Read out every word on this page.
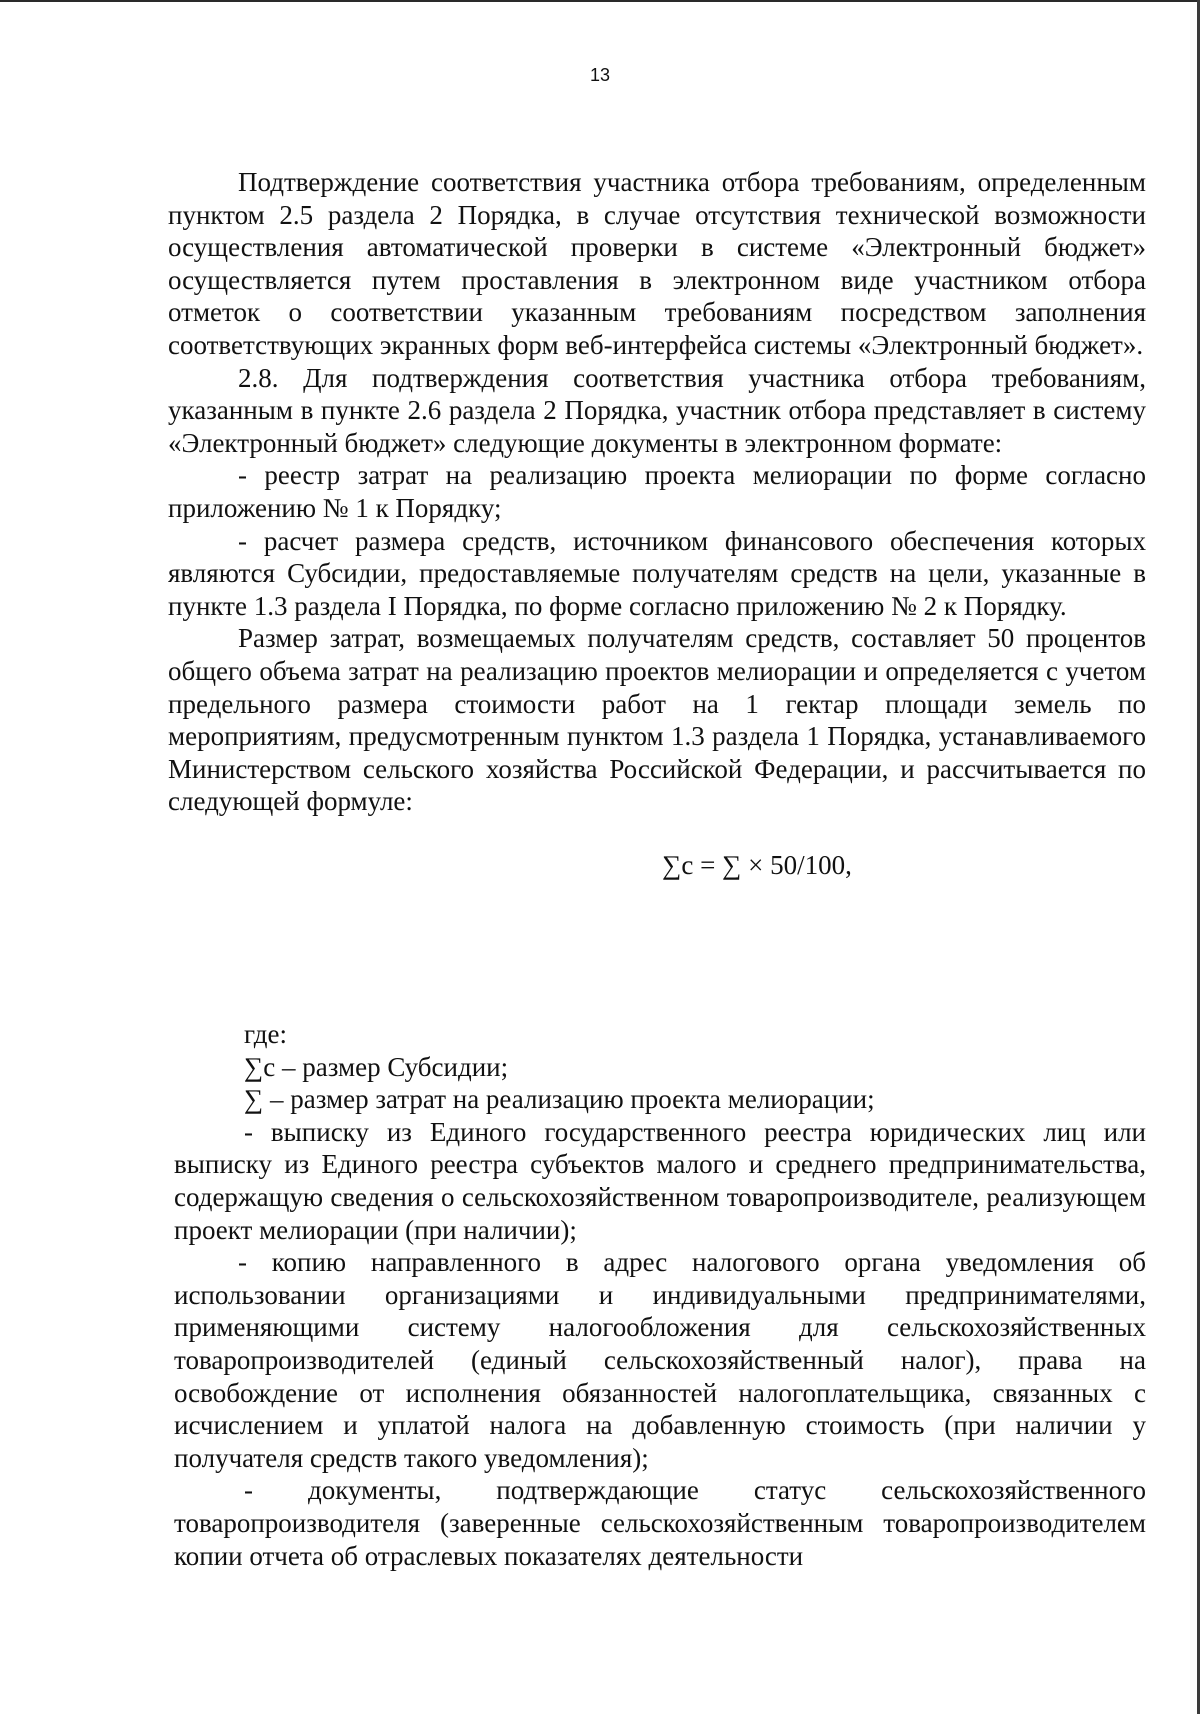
13

Подтверждение соответствия участника отбора требованиям, определенным пунктом 2.5 раздела 2 Порядка, в случае отсутствия технической возможности осуществления автоматической проверки в системе «Электронный бюджет» осуществляется путем проставления в электронном виде участником отбора отметок о соответствии указанным требованиям посредством заполнения соответствующих экранных форм веб-интерфейса системы «Электронный бюджет».

2.8. Для подтверждения соответствия участника отбора требованиям, указанным в пункте 2.6 раздела 2 Порядка, участник отбора представляет в систему «Электронный бюджет» следующие документы в электронном формате:

- реестр затрат на реализацию проекта мелиорации по форме согласно приложению № 1 к Порядку;

- расчет размера средств, источником финансового обеспечения которых являются Субсидии, предоставляемые получателям средств на цели, указанные в пункте 1.3 раздела I Порядка, по форме согласно приложению № 2 к Порядку.

Размер затрат, возмещаемых получателям средств, составляет 50 процентов общего объема затрат на реализацию проектов мелиорации и определяется с учетом предельного размера стоимости работ на 1 гектар площади земель по мероприятиям, предусмотренным пунктом 1.3 раздела 1 Порядка, устанавливаемого Министерством сельского хозяйства Российской Федерации, и рассчитывается по следующей формуле:

∑с = ∑ × 50/100,

где:

∑с – размер Субсидии;

∑ – размер затрат на реализацию проекта мелиорации;

- выписку из Единого государственного реестра юридических лиц или выписку из Единого реестра субъектов малого и среднего предпринимательства, содержащую сведения о сельскохозяйственном товаропроизводителе, реализующем проект мелиорации (при наличии);

- копию направленного в адрес налогового органа уведомления об использовании организациями и индивидуальными предпринимателями, применяющими систему налогообложения для сельскохозяйственных товаропроизводителей (единый сельскохозяйственный налог), права на освобождение от исполнения обязанностей налогоплательщика, связанных с исчислением и уплатой налога на добавленную стоимость (при наличии у получателя средств такого уведомления);

- документы, подтверждающие статус сельскохозяйственного товаропроизводителя (заверенные сельскохозяйственным товаропроизводителем копии отчета об отраслевых показателях деятельности
